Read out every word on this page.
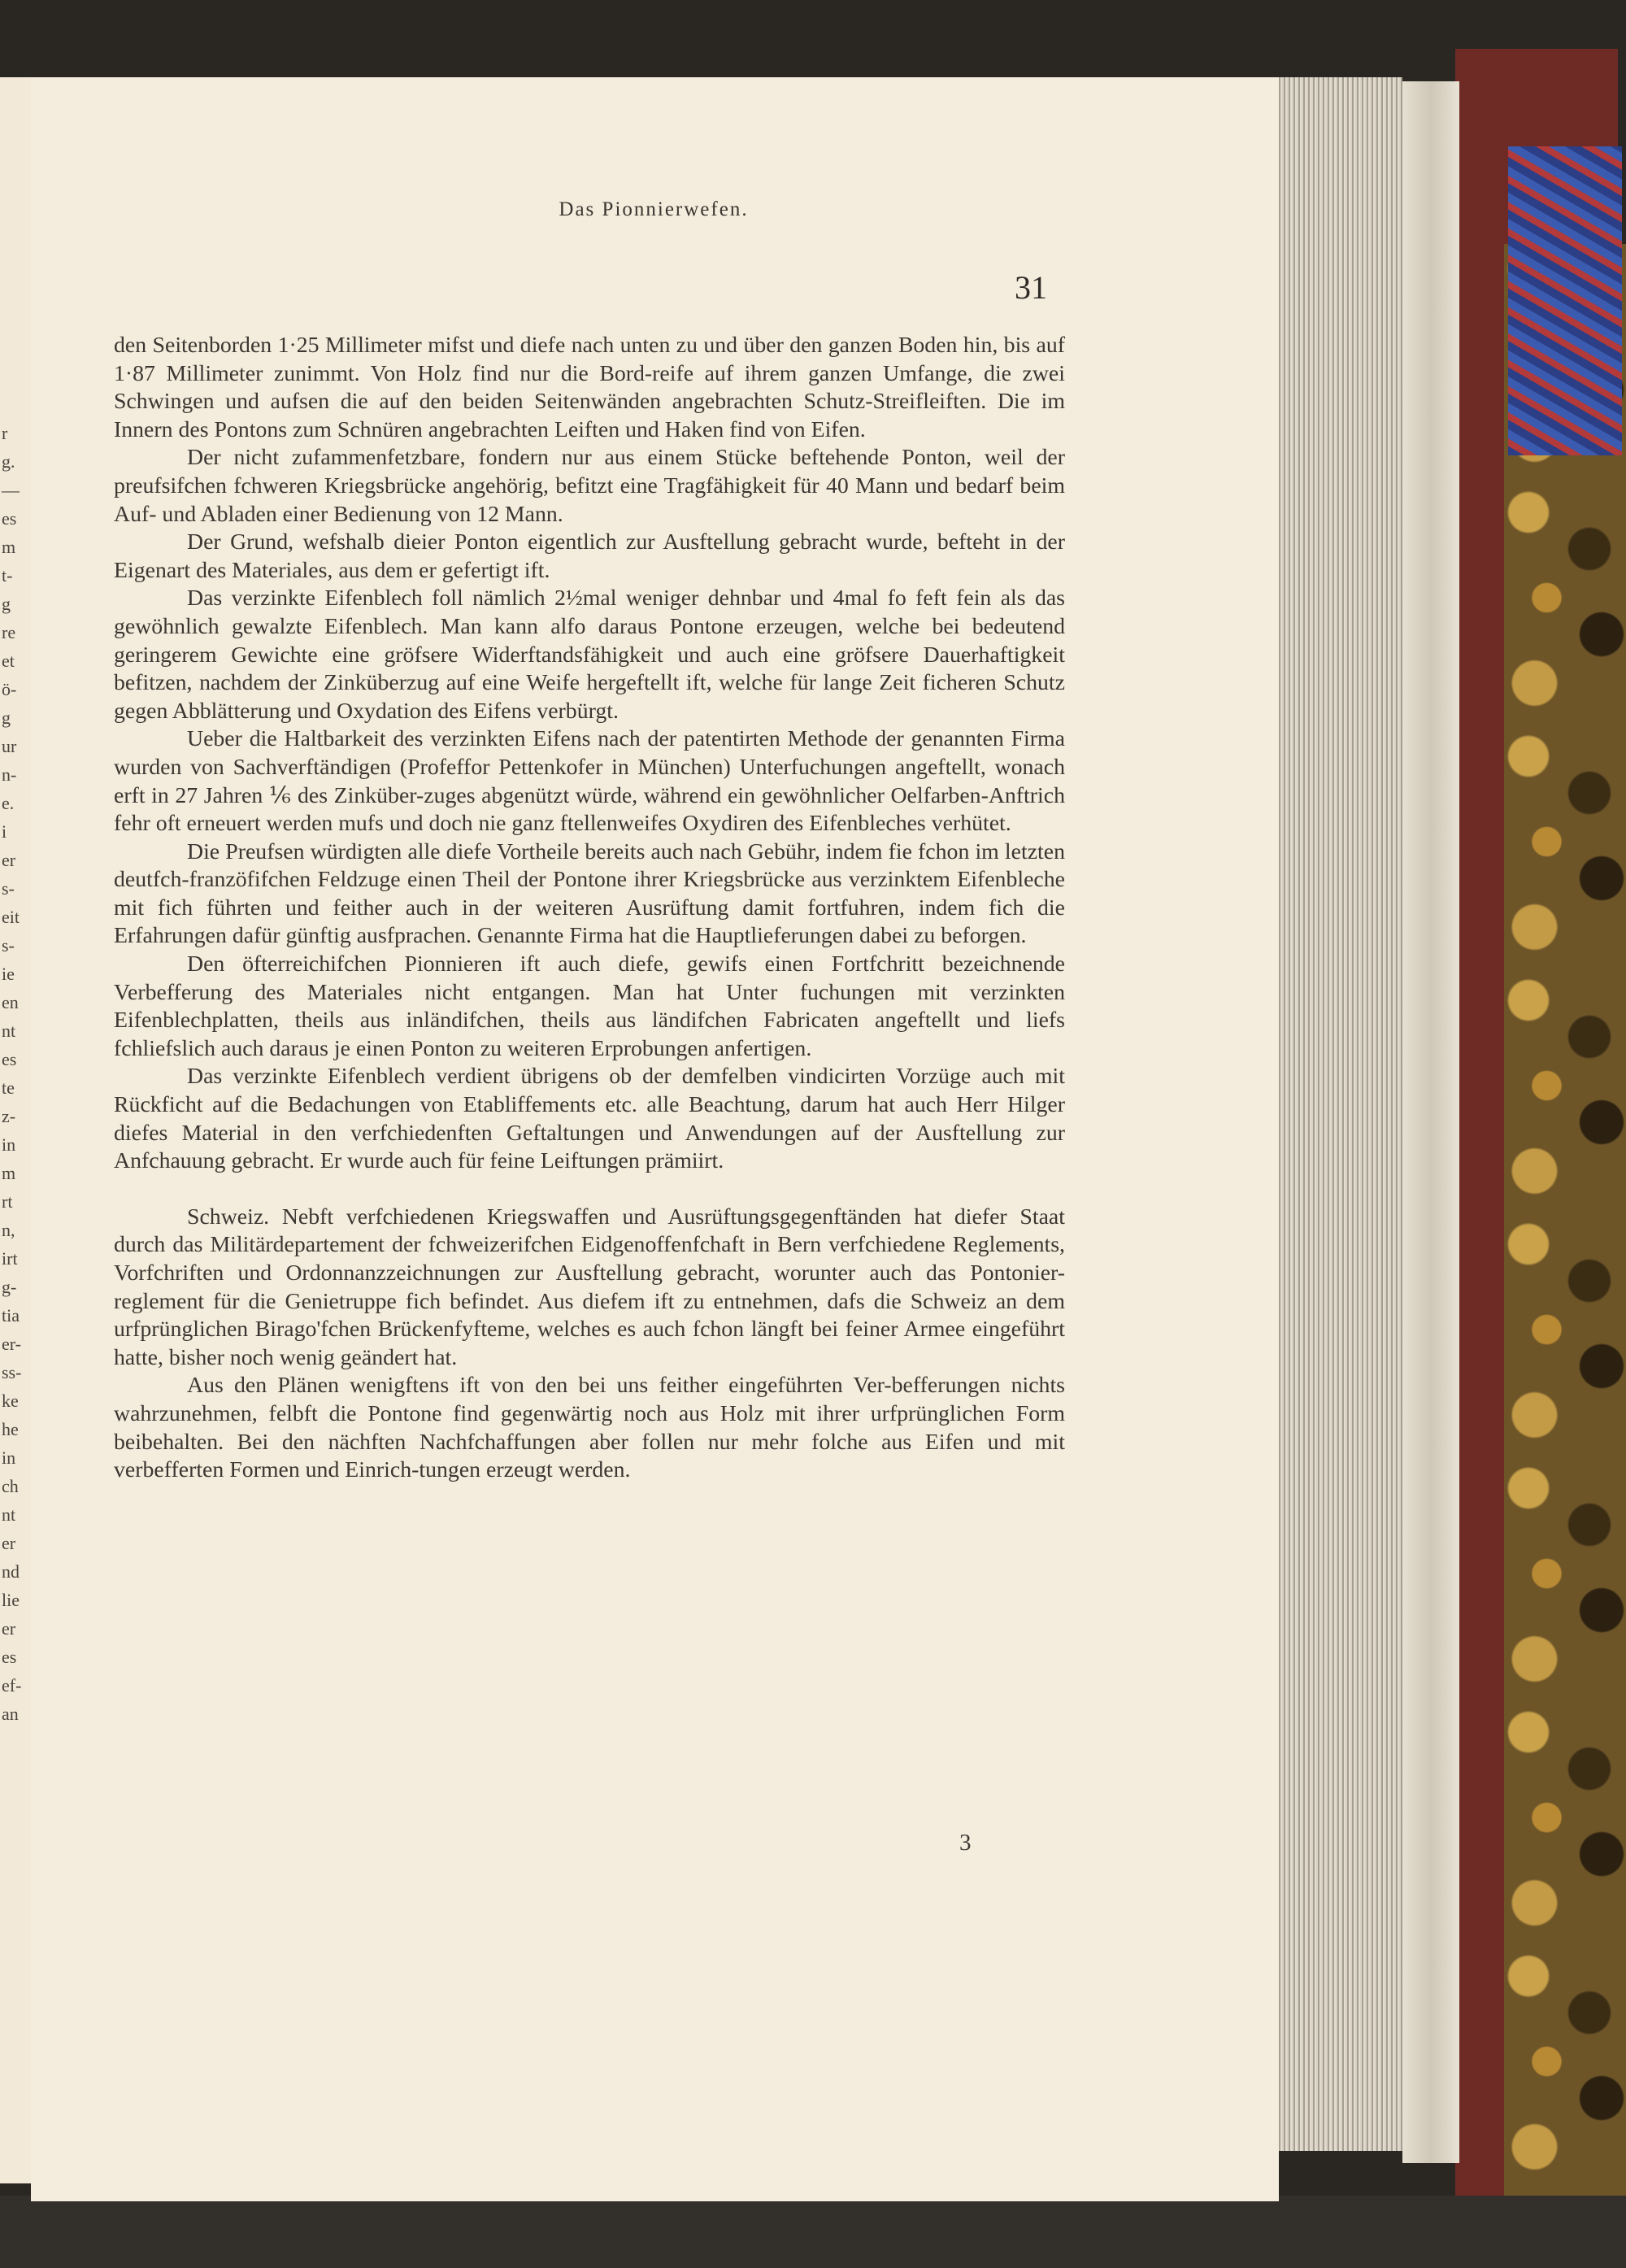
r
g.
—
es
m
t-
g
re
et
ö-
g
ur
n-
e.
i
er
s-
eit
s-
ie
en
nt
es
te
z-
in
m
rt
n,
irt
g-
tia
er-
ss-
ke
he
in
ch
nt
er
nd
lie
er
es
ef-
an
Das Pionnierwefen.
31

den Seitenborden 1·25 Millimeter mifst und diefe nach unten zu und über den ganzen Boden hin, bis auf 1·87 Millimeter zunimmt. Von Holz find nur die Bord-reife auf ihrem ganzen Umfange, die zwei Schwingen und aufsen die auf den beiden Seitenwänden angebrachten Schutz-Streifleiften. Die im Innern des Pontons zum Schnüren angebrachten Leiften und Haken find von Eifen.

Der nicht zufammenfetzbare, fondern nur aus einem Stücke beftehende Ponton, weil der preufsifchen fchweren Kriegsbrücke angehörig, befitzt eine Tragfähigkeit für 40 Mann und bedarf beim Auf- und Abladen einer Bedienung von 12 Mann.

Der Grund, wefshalb dieier Ponton eigentlich zur Ausftellung gebracht wurde, befteht in der Eigenart des Materiales, aus dem er gefertigt ift.

Das verzinkte Eifenblech foll nämlich 2½mal weniger dehnbar und 4mal fo feft fein als das gewöhnlich gewalzte Eifenblech. Man kann alfo daraus Pontone erzeugen, welche bei bedeutend geringerem Gewichte eine gröfsere Widerftandsfähigkeit und auch eine gröfsere Dauerhaftigkeit befitzen, nachdem der Zinküberzug auf eine Weife hergeftellt ift, welche für lange Zeit ficheren Schutz gegen Abblätterung und Oxydation des Eifens verbürgt.

Ueber die Haltbarkeit des verzinkten Eifens nach der patentirten Methode der genannten Firma wurden von Sachverftändigen (Profeffor Pettenkofer in München) Unterfuchungen angeftellt, wonach erft in 27 Jahren ⅙ des Zinküber-zuges abgenützt würde, während ein gewöhnlicher Oelfarben-Anftrich fehr oft erneuert werden mufs und doch nie ganz ftellenweifes Oxydiren des Eifenbleches verhütet.

Die Preufsen würdigten alle diefe Vortheile bereits auch nach Gebühr, indem fie fchon im letzten deutfch-franzöfifchen Feldzuge einen Theil der Pontone ihrer Kriegsbrücke aus verzinktem Eifenbleche mit fich führten und feither auch in der weiteren Ausrüftung damit fortfuhren, indem fich die Erfahrungen dafür günftig ausfprachen. Genannte Firma hat die Hauptlieferungen dabei zu beforgen.

Den öfterreichifchen Pionnieren ift auch diefe, gewifs einen Fortfchritt bezeichnende Verbefferung des Materiales nicht entgangen. Man hat Unter fuchungen mit verzinkten Eifenblechplatten, theils aus inländifchen, theils aus ländifchen Fabricaten angeftellt und liefs fchliefslich auch daraus je einen Ponton zu weiteren Erprobungen anfertigen.

Das verzinkte Eifenblech verdient übrigens ob der demfelben vindicirten Vorzüge auch mit Rückficht auf die Bedachungen von Etabliffements etc. alle Beachtung, darum hat auch Herr Hilger diefes Material in den verfchiedenften Geftaltungen und Anwendungen auf der Ausftellung zur Anfchauung gebracht. Er wurde auch für feine Leiftungen prämiirt.

Schweiz. Nebft verfchiedenen Kriegswaffen und Ausrüftungsgegenftänden hat diefer Staat durch das Militärdepartement der fchweizerifchen Eidgenoffenfchaft in Bern verfchiedene Reglements, Vorfchriften und Ordonnanzzeichnungen zur Ausftellung gebracht, worunter auch das Pontonier-reglement für die Genietruppe fich befindet. Aus diefem ift zu entnehmen, dafs die Schweiz an dem urfprünglichen Birago'fchen Brückenfyfteme, welches es auch fchon längft bei feiner Armee eingeführt hatte, bisher noch wenig geändert hat.

Aus den Plänen wenigftens ift von den bei uns feither eingeführten Ver-befferungen nichts wahrzunehmen, felbft die Pontone find gegenwärtig noch aus Holz mit ihrer urfprünglichen Form beibehalten. Bei den nächften Nachfchaffungen aber follen nur mehr folche aus Eifen und mit verbefferten Formen und Einrich-tungen erzeugt werden.

3
